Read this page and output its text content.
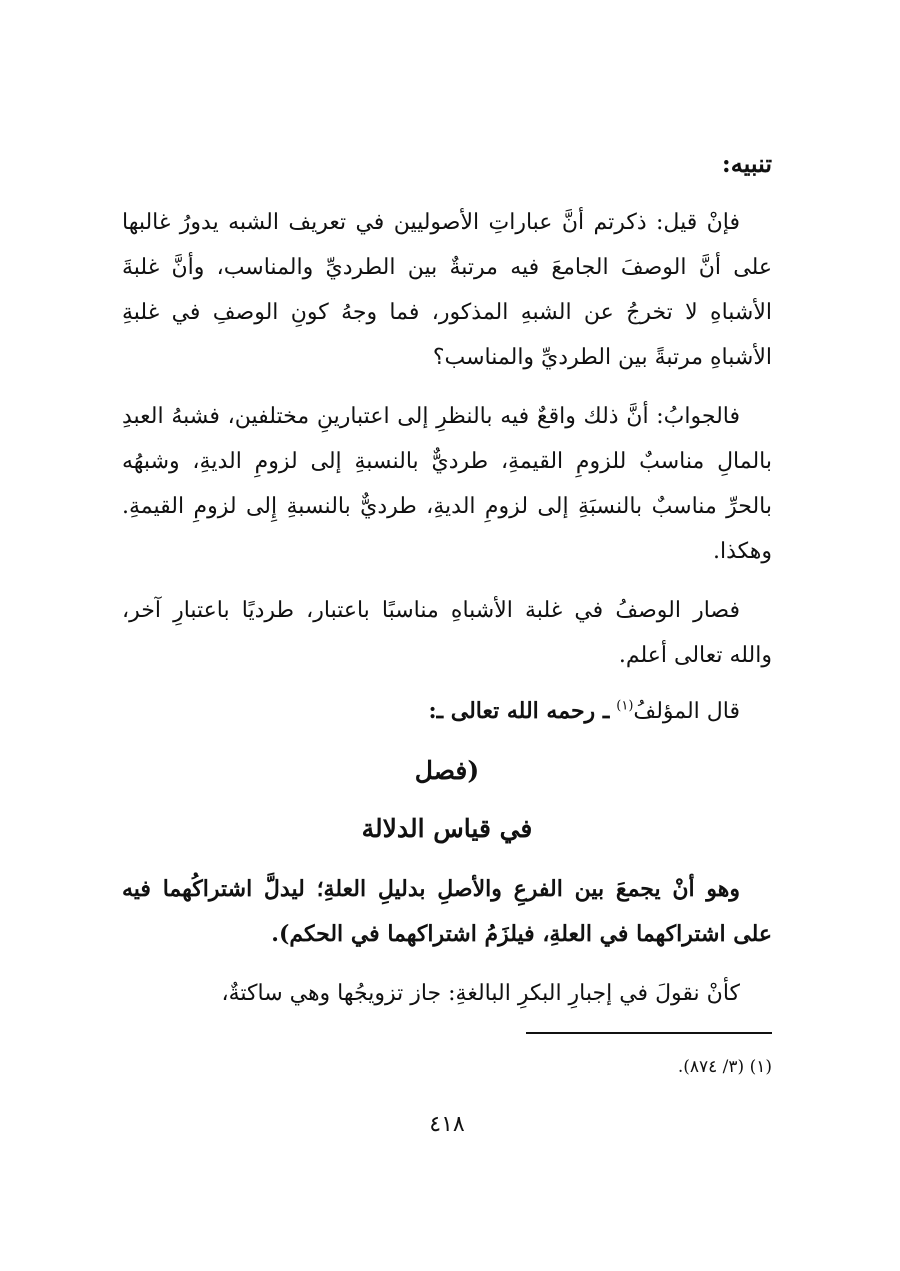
تنبيه:

فإنْ قيل: ذكرتم أنَّ عباراتِ الأصوليين في تعريف الشبه يدورُ غالبها على أنَّ الوصفَ الجامعَ فيه مرتبةٌ بين الطرديِّ والمناسب، وأنَّ غلبةَ الأشباهِ لا تخرجُ عن الشبهِ المذكور، فما وجهُ كونِ الوصفِ في غلبةِ الأشباهِ مرتبةً بين الطرديِّ والمناسب؟

فالجوابُ: أنَّ ذلك واقعٌ فيه بالنظرِ إلى اعتبارينِ مختلفين، فشبهُ العبدِ بالمالِ مناسبٌ للزومِ القيمةِ، طرديٌّ بالنسبةِ إلى لزومِ الديةِ، وشبهُه بالحرِّ مناسبٌ بالنسبَةِ إلى لزومِ الديةِ، طرديٌّ بالنسبةِ إِلى لزومِ القيمةِ. وهكذا.

فصار الوصفُ في غلبة الأشباهِ مناسبًا باعتبار، طرديًا باعتبارِ آخر، والله تعالى أعلم.

قال المؤلفُ$^{(١)}$ ـ رحمه الله تعالى ـ:

(فصل
في قياس الدلالة

وهو أنْ يجمعَ بين الفرعِ والأصلِ بدليلِ العلةِ؛ ليدلَّ اشتراكُهما فيه على اشتراكهما في العلةِ، فيلزَمُ اشتراكهما في الحكم).

كأنْ نقولَ في إجبارِ البكرِ البالغةِ: جاز تزويجُها وهي ساكتةٌ،

(١) (٣/ ٨٧٤).
٤١٨
